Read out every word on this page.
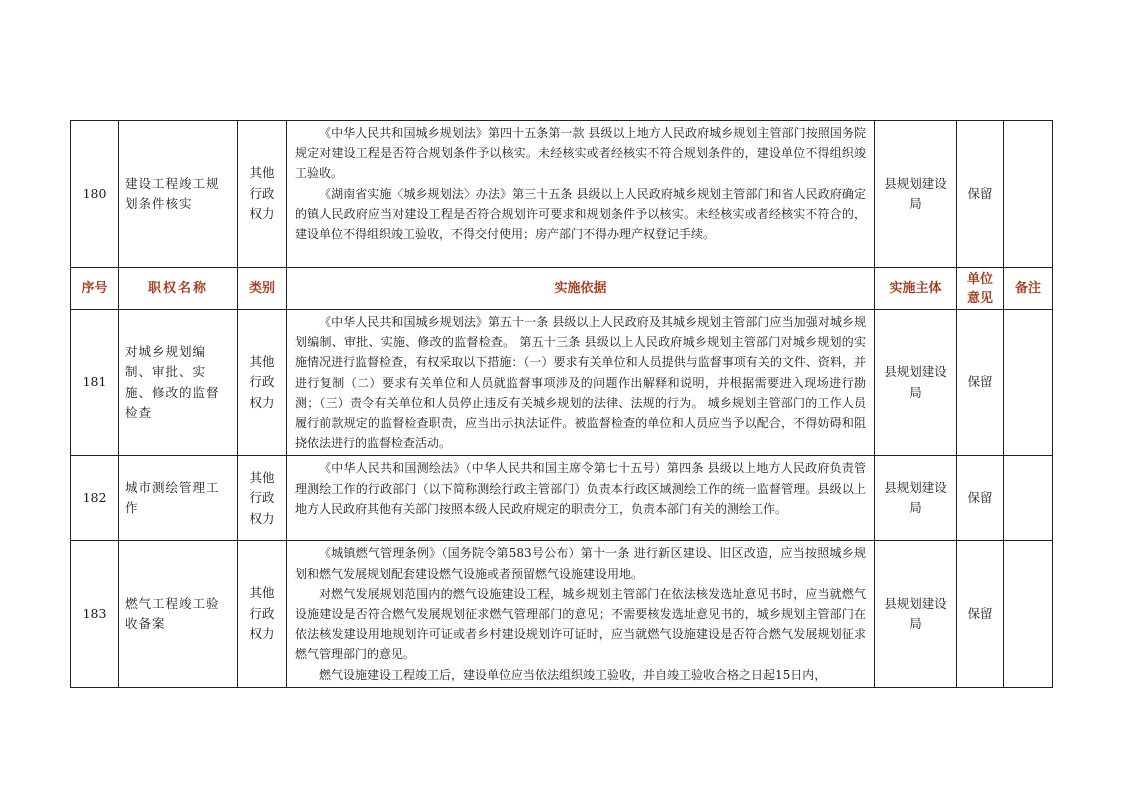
180	建设工程竣工规划条件核实	其他行政权力	《中华人民共和国城乡规划法》第四十五条第一款 县级以上地方人民政府城乡规划主管部门按照国务院规定对建设工程是否符合规划条件予以核实。未经核实或者经核实不符合规划条件的，建设单位不得组织竣工验收。

《湖南省实施〈城乡规划法〉办法》第三十五条 县级以上人民政府城乡规划主管部门和省人民政府确定的镇人民政府应当对建设工程是否符合规划许可要求和规划条件予以核实。未经核实或者经核实不符合的，建设单位不得组织竣工验收，不得交付使用；房产部门不得办理产权登记手续。	县规划建设局	保留	
序号	职权名称	类别	实施依据	实施主体	单位意见	备注
181	对城乡规划编制、审批、实施、修改的监督检查	其他行政权力	《中华人民共和国城乡规划法》第五十一条 县级以上人民政府及其城乡规划主管部门应当加强对城乡规划编制、审批、实施、修改的监督检查。 第五十三条 县级以上人民政府城乡规划主管部门对城乡规划的实施情况进行监督检查，有权采取以下措施：（一）要求有关单位和人员提供与监督事项有关的文件、资料，并进行复制（二）要求有关单位和人员就监督事项涉及的问题作出解释和说明，并根据需要进入现场进行勘测；（三）责令有关单位和人员停止违反有关城乡规划的法律、法规的行为。 城乡规划主管部门的工作人员履行前款规定的监督检查职责，应当出示执法证件。被监督检查的单位和人员应当予以配合，不得妨碍和阻挠依法进行的监督检查活动。	县规划建设局	保留	
182	城市测绘管理工作	其他行政权力	《中华人民共和国测绘法》（中华人民共和国主席令第七十五号）第四条 县级以上地方人民政府负责管理测绘工作的行政部门（以下简称测绘行政主管部门）负责本行政区域测绘工作的统一监督管理。县级以上地方人民政府其他有关部门按照本级人民政府规定的职责分工，负责本部门有关的测绘工作。	县规划建设局	保留	
183	燃气工程竣工验收备案	其他行政权力	《城镇燃气管理条例》（国务院令第583号公布）第十一条 进行新区建设、旧区改造，应当按照城乡规划和燃气发展规划配套建设燃气设施或者预留燃气设施建设用地。

对燃气发展规划范围内的燃气设施建设工程，城乡规划主管部门在依法核发选址意见书时，应当就燃气设施建设是否符合燃气发展规划征求燃气管理部门的意见；不需要核发选址意见书的，城乡规划主管部门在依法核发建设用地规划许可证或者乡村建设规划许可证时，应当就燃气设施建设是否符合燃气发展规划征求燃气管理部门的意见。

燃气设施建设工程竣工后，建设单位应当依法组织竣工验收，并自竣工验收合格之日起15日内，	县规划建设局	保留	
